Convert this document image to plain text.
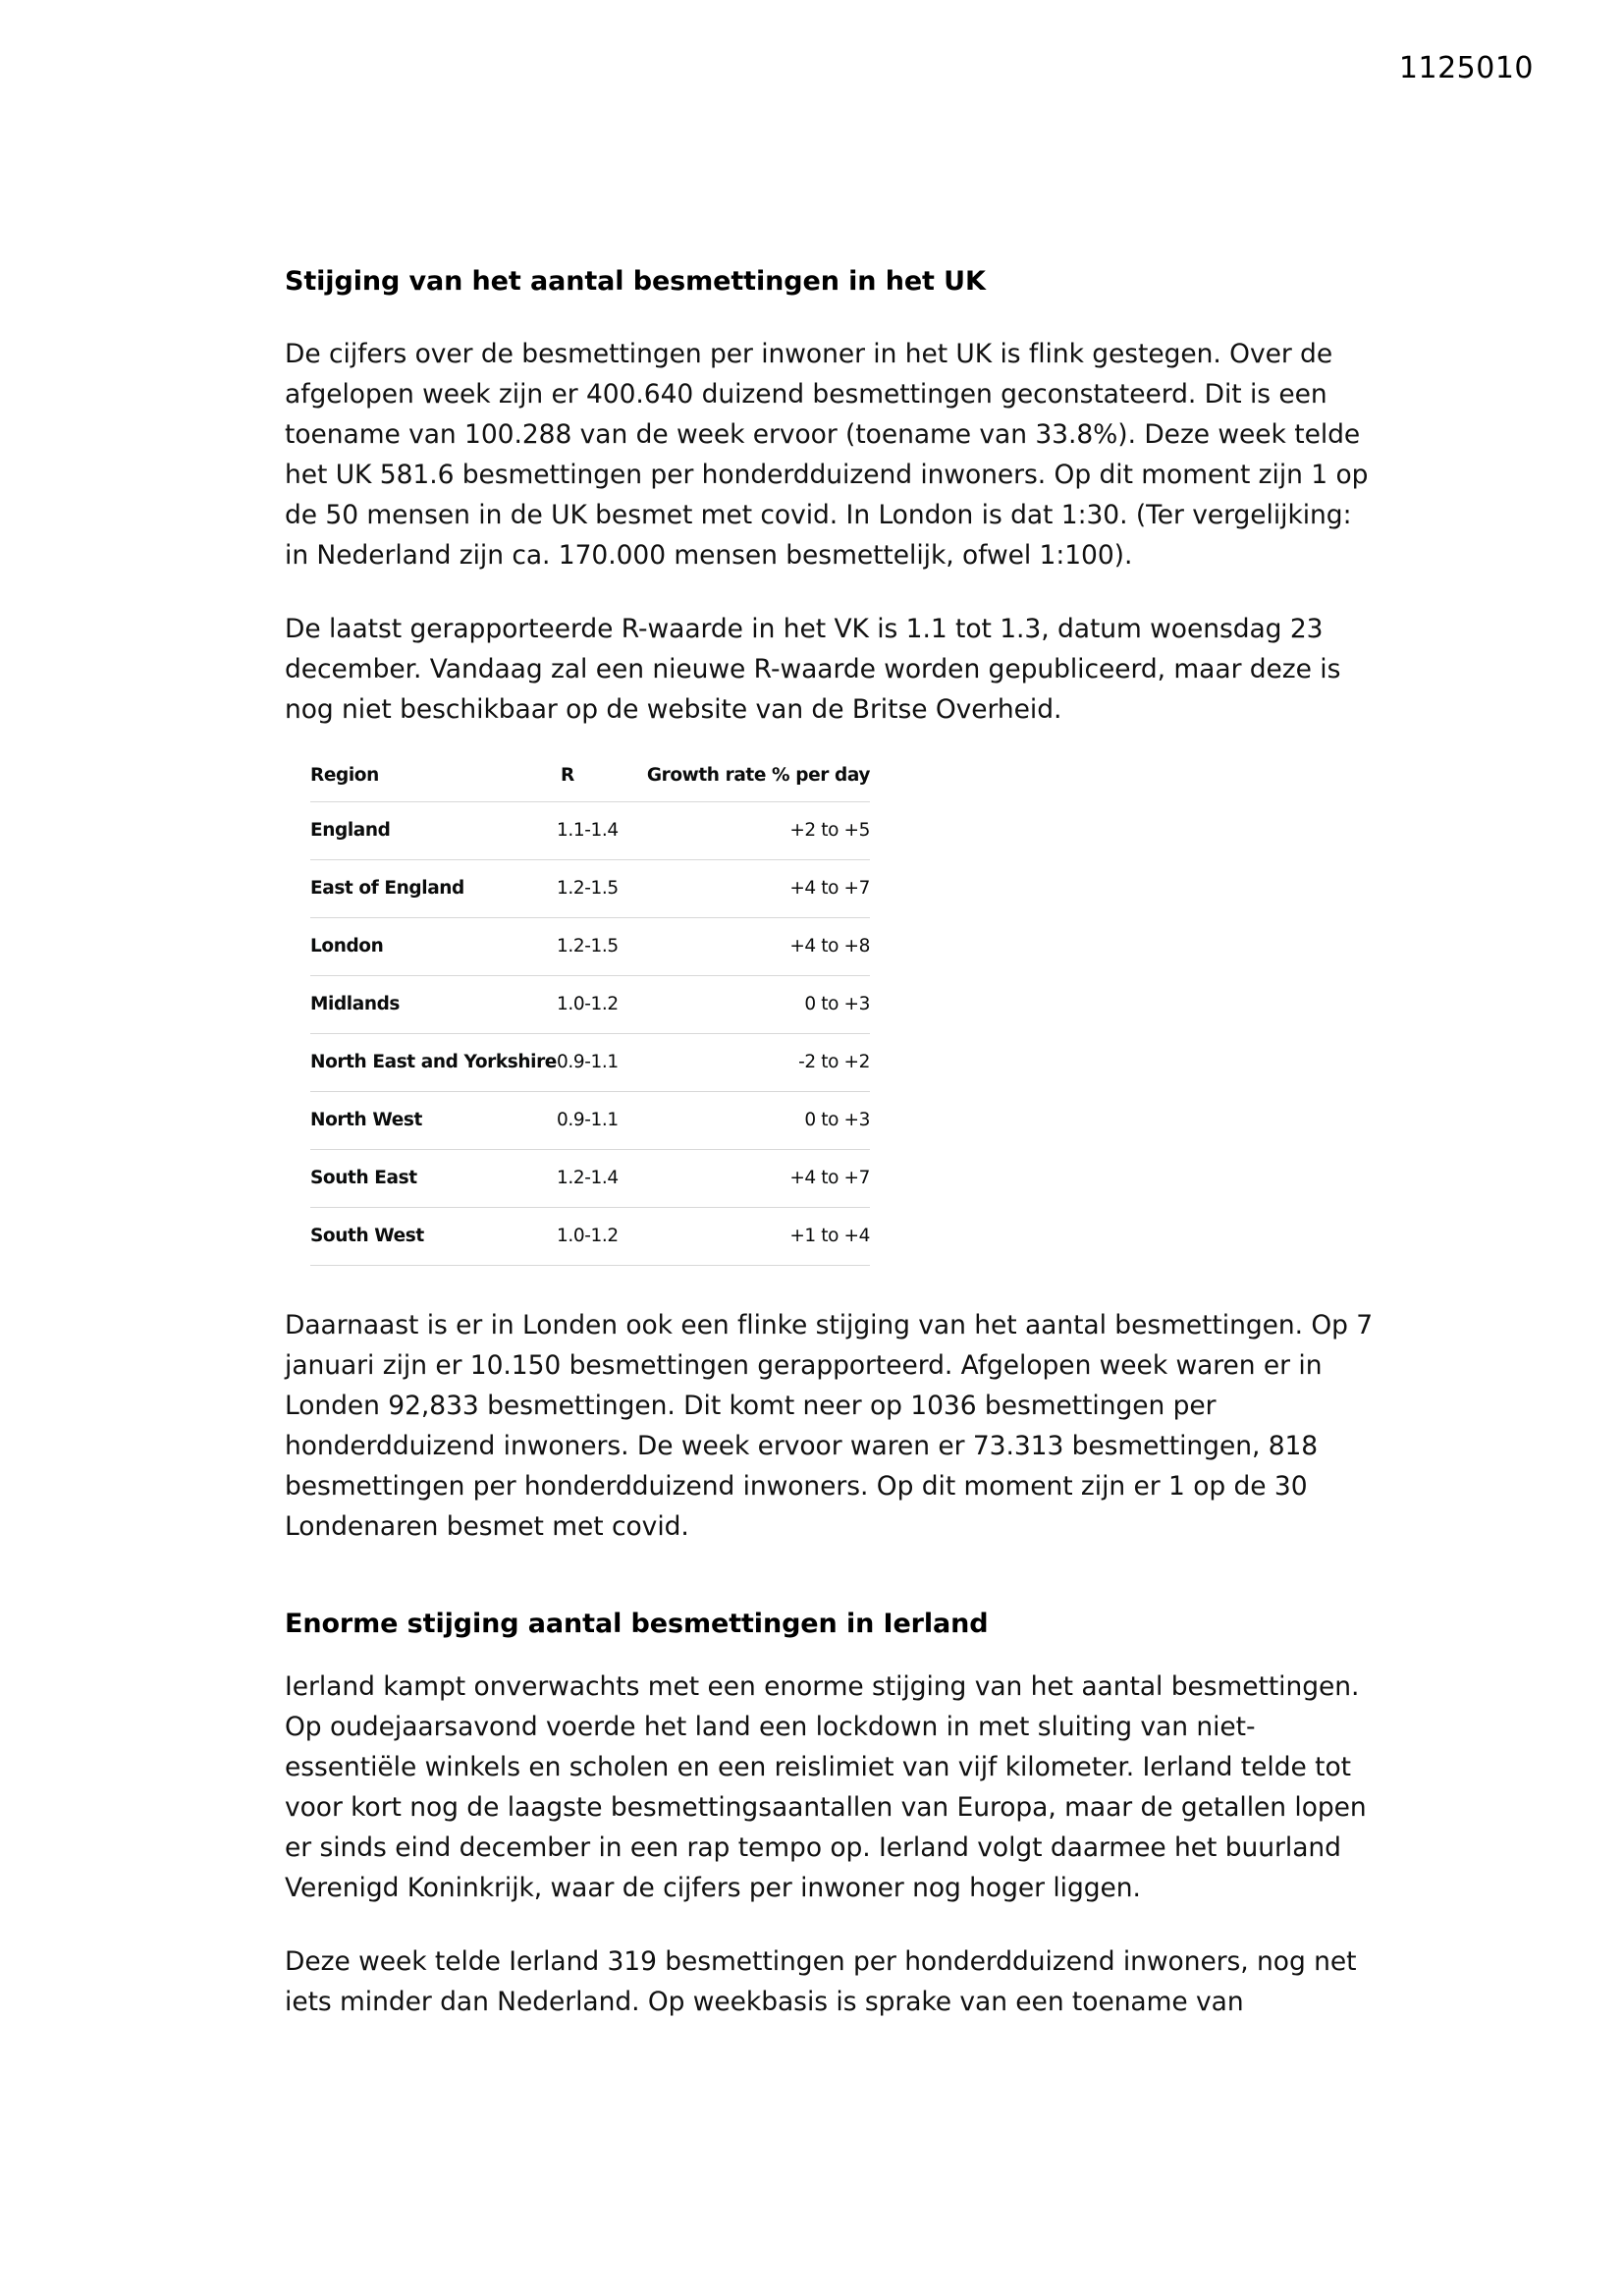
1125010
Stijging van het aantal besmettingen in het UK

De cijfers over de besmettingen per inwoner in het UK is flink gestegen. Over de afgelopen week zijn er 400.640 duizend besmettingen geconstateerd. Dit is een toename van 100.288 van de week ervoor (toename van 33.8%). Deze week telde het UK 581.6 besmettingen per honderdduizend inwoners. Op dit moment zijn 1 op de 50 mensen in de UK besmet met covid. In London is dat 1:30. (Ter vergelijking: in Nederland zijn ca. 170.000 mensen besmettelijk, ofwel 1:100).

De laatst gerapporteerde R-waarde in het VK is 1.1 tot 1.3, datum woensdag 23 december. Vandaag zal een nieuwe R-waarde worden gepubliceerd, maar deze is nog niet beschikbaar op de website van de Britse Overheid.

Region	R	Growth rate % per day
England	1.1-1.4	+2 to +5
East of England	1.2-1.5	+4 to +7
London	1.2-1.5	+4 to +8
Midlands	1.0-1.2	0 to +3
North East and Yorkshire	0.9-1.1	-2 to +2
North West	0.9-1.1	0 to +3
South East	1.2-1.4	+4 to +7
South West	1.0-1.2	+1 to +4

Daarnaast is er in Londen ook een flinke stijging van het aantal besmettingen. Op 7 januari zijn er 10.150 besmettingen gerapporteerd. Afgelopen week waren er in Londen 92,833 besmettingen. Dit komt neer op 1036 besmettingen per honderdduizend inwoners. De week ervoor waren er 73.313 besmettingen, 818 besmettingen per honderdduizend inwoners. Op dit moment zijn er 1 op de 30 Londenaren besmet met covid.

Enorme stijging aantal besmettingen in Ierland

Ierland kampt onverwachts met een enorme stijging van het aantal besmettingen. Op oudejaarsavond voerde het land een lockdown in met sluiting van niet-essentiële winkels en scholen en een reislimiet van vijf kilometer. Ierland telde tot voor kort nog de laagste besmettingsaantallen van Europa, maar de getallen lopen er sinds eind december in een rap tempo op. Ierland volgt daarmee het buurland Verenigd Koninkrijk, waar de cijfers per inwoner nog hoger liggen.

Deze week telde Ierland 319 besmettingen per honderdduizend inwoners, nog net iets minder dan Nederland. Op weekbasis is sprake van een toename van
